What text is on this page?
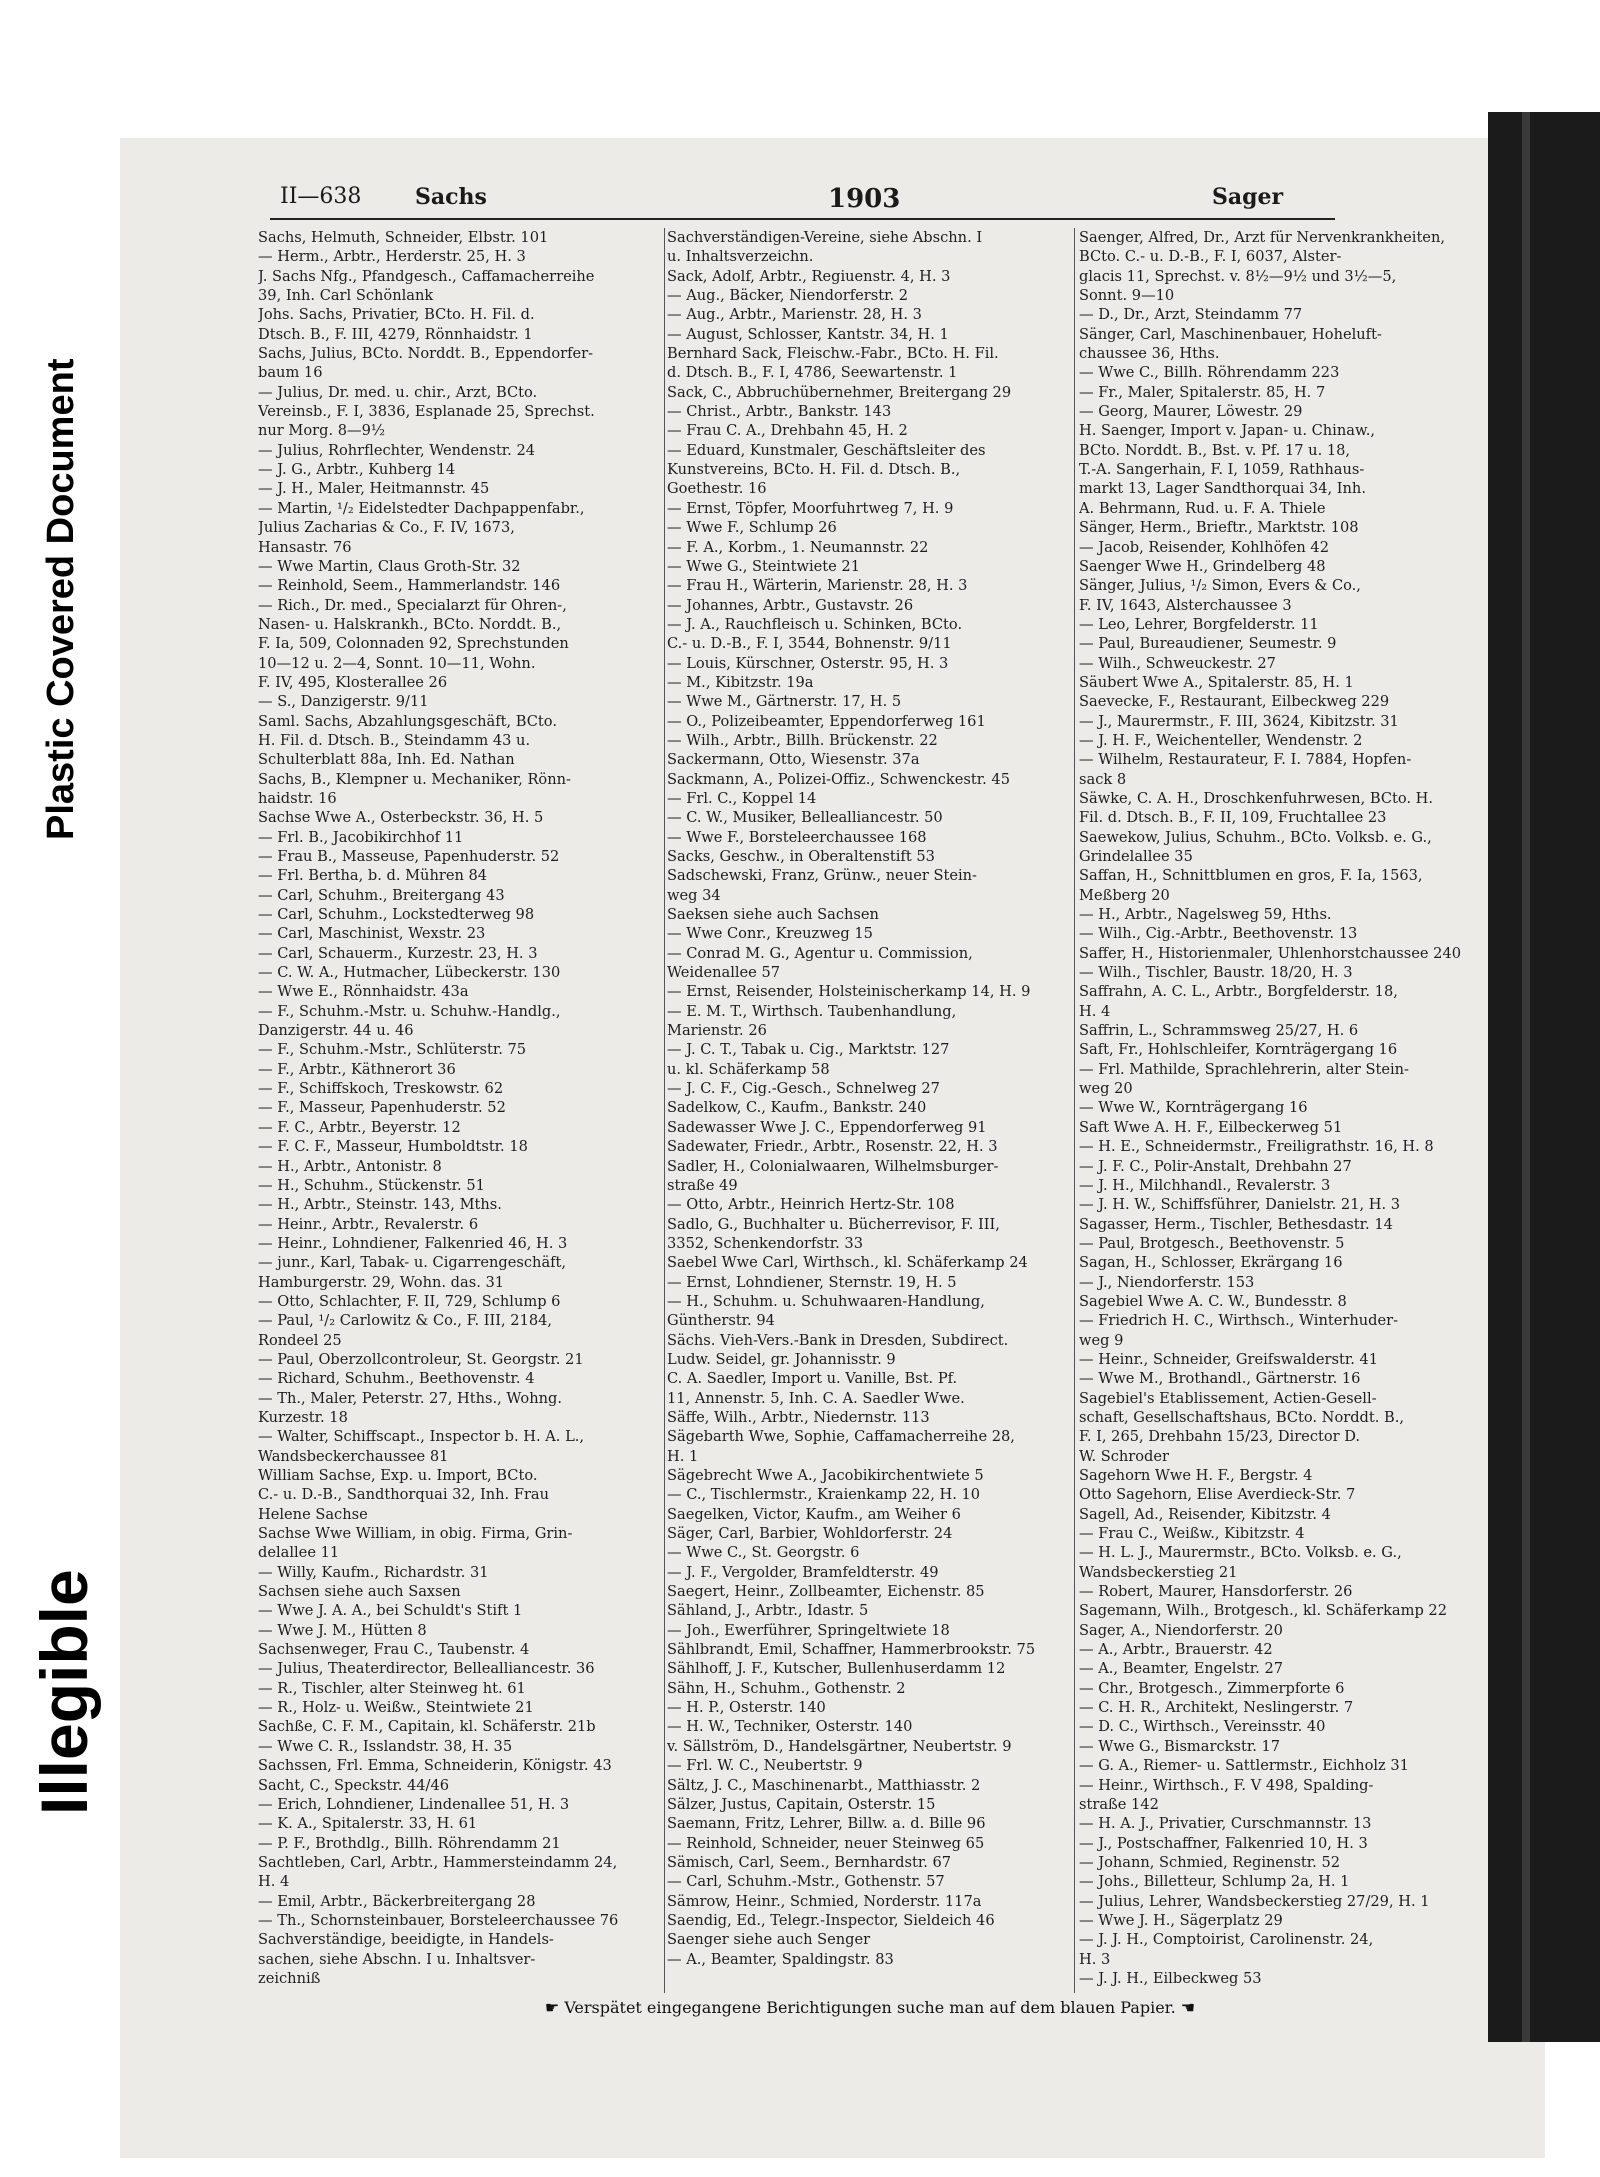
Illegible
Plastic Covered Document
II—638 Sachs	1903	Sager
Sachs, Helmuth, Schneider, Elbstr. 101
— Herm., Arbtr., Herderstr. 25, H. 3
J. Sachs Nfg., Pfandgesch., Caffamacherreihe
39, Inh. Carl Schönlank
Johs. Sachs, Privatier, BCto. H. Fil. d.
Dtsch. B., F. III, 4279, Rönnhaidstr. 1
Sachs, Julius, BCto. Norddt. B., Eppendorfer-
baum 16
— Julius, Dr. med. u. chir., Arzt, BCto.
Vereinsb., F. I, 3836, Esplanade 25, Sprechst.
nur Morg. 8—9½
— Julius, Rohrflechter, Wendenstr. 24
— J. G., Arbtr., Kuhberg 14
— J. H., Maler, Heitmannstr. 45
— Martin, ¹/₂ Eidelstedter Dachpappenfabr.,
Julius Zacharias & Co., F. IV, 1673,
Hansastr. 76
— Wwe Martin, Claus Groth-Str. 32
— Reinhold, Seem., Hammerlandstr. 146
— Rich., Dr. med., Specialarzt für Ohren-,
Nasen- u. Halskrankh., BCto. Norddt. B.,
F. Ia, 509, Colonnaden 92, Sprechstunden
10—12 u. 2—4, Sonnt. 10—11, Wohn.
F. IV, 495, Klosterallee 26
— S., Danzigerstr. 9/11
Saml. Sachs, Abzahlungsgeschäft, BCto.
H. Fil. d. Dtsch. B., Steindamm 43 u.
Schulterblatt 88a, Inh. Ed. Nathan
Sachs, B., Klempner u. Mechaniker, Rönn-
haidstr. 16
Sachse Wwe A., Osterbeckstr. 36, H. 5
— Frl. B., Jacobikirchhof 11
— Frau B., Masseuse, Papenhuderstr. 52
— Frl. Bertha, b. d. Mühren 84
— Carl, Schuhm., Breitergang 43
— Carl, Schuhm., Lockstedterweg 98
— Carl, Maschinist, Wexstr. 23
— Carl, Schauerm., Kurzestr. 23, H. 3
— C. W. A., Hutmacher, Lübeckerstr. 130
— Wwe E., Rönnhaidstr. 43a
— F., Schuhm.-Mstr. u. Schuhw.-Handlg.,
Danzigerstr. 44 u. 46
— F., Schuhm.-Mstr., Schlüterstr. 75
— F., Arbtr., Käthnerort 36
— F., Schiffskoch, Treskowstr. 62
— F., Masseur, Papenhuderstr. 52
— F. C., Arbtr., Beyerstr. 12
— F. C. F., Masseur, Humboldtstr. 18
— H., Arbtr., Antonistr. 8
— H., Schuhm., Stückenstr. 51
— H., Arbtr., Steinstr. 143, Mths.
— Heinr., Arbtr., Revalerstr. 6
— Heinr., Lohndiener, Falkenried 46, H. 3
— junr., Karl, Tabak- u. Cigarrengeschäft,
Hamburgerstr. 29, Wohn. das. 31
— Otto, Schlachter, F. II, 729, Schlump 6
— Paul, ¹/₂ Carlowitz & Co., F. III, 2184,
Rondeel 25
— Paul, Oberzollcontroleur, St. Georgstr. 21
— Richard, Schuhm., Beethovenstr. 4
— Th., Maler, Peterstr. 27, Hths., Wohng.
Kurzestr. 18
— Walter, Schiffscapt., Inspector b. H. A. L.,
Wandsbeckerchaussee 81
William Sachse, Exp. u. Import, BCto.
C.- u. D.-B., Sandthorquai 32, Inh. Frau
Helene Sachse
Sachse Wwe William, in obig. Firma, Grin-
delallee 11
— Willy, Kaufm., Richardstr. 31
Sachsen siehe auch Saxsen
— Wwe J. A. A., bei Schuldt's Stift 1
— Wwe J. M., Hütten 8
Sachsenweger, Frau C., Taubenstr. 4
— Julius, Theaterdirector, Bellealliancestr. 36
— R., Tischler, alter Steinweg ht. 61
— R., Holz- u. Weißw., Steintwiete 21
Sachße, C. F. M., Capitain, kl. Schäferstr. 21b
— Wwe C. R., Isslandstr. 38, H. 35
Sachssen, Frl. Emma, Schneiderin, Königstr. 43
Sacht, C., Speckstr. 44/46
— Erich, Lohndiener, Lindenallee 51, H. 3
— K. A., Spitalerstr. 33, H. 61
— P. F., Brothdlg., Billh. Röhrendamm 21
Sachtleben, Carl, Arbtr., Hammersteindamm 24,
H. 4
— Emil, Arbtr., Bäckerbreitergang 28
— Th., Schornsteinbauer, Borsteleerchaussee 76
Sachverständige, beeidigte, in Handels-
sachen, siehe Abschn. I u. Inhaltsver-
zeichniß
Sachverständigen-Vereine, siehe Abschn. I
u. Inhaltsverzeichn.
Sack, Adolf, Arbtr., Regiuenstr. 4, H. 3
— Aug., Bäcker, Niendorferstr. 2
— Aug., Arbtr., Marienstr. 28, H. 3
— August, Schlosser, Kantstr. 34, H. 1
Bernhard Sack, Fleischw.-Fabr., BCto. H. Fil.
d. Dtsch. B., F. I, 4786, Seewartenstr. 1
Sack, C., Abbruchübernehmer, Breitergang 29
— Christ., Arbtr., Bankstr. 143
— Frau C. A., Drehbahn 45, H. 2
— Eduard, Kunstmaler, Geschäftsleiter des
Kunstvereins, BCto. H. Fil. d. Dtsch. B.,
Goethestr. 16
— Ernst, Töpfer, Moorfuhrtweg 7, H. 9
— Wwe F., Schlump 26
— F. A., Korbm., 1. Neumannstr. 22
— Wwe G., Steintwiete 21
— Frau H., Wärterin, Marienstr. 28, H. 3
— Johannes, Arbtr., Gustavstr. 26
— J. A., Rauchfleisch u. Schinken, BCto.
C.- u. D.-B., F. I, 3544, Bohnenstr. 9/11
— Louis, Kürschner, Osterstr. 95, H. 3
— M., Kibitzstr. 19a
— Wwe M., Gärtnerstr. 17, H. 5
— O., Polizeibeamter, Eppendorferweg 161
— Wilh., Arbtr., Billh. Brückenstr. 22
Sackermann, Otto, Wiesenstr. 37a
Sackmann, A., Polizei-Offiz., Schwenckestr. 45
— Frl. C., Koppel 14
— C. W., Musiker, Bellealliancestr. 50
— Wwe F., Borsteleerchaussee 168
Sacks, Geschw., in Oberaltenstift 53
Sadschewski, Franz, Grünw., neuer Stein-
weg 34
Saeksen siehe auch Sachsen
— Wwe Conr., Kreuzweg 15
— Conrad M. G., Agentur u. Commission,
Weidenallee 57
— Ernst, Reisender, Holsteinischerkamp 14, H. 9
— E. M. T., Wirthsch. Taubenhandlung,
Marienstr. 26
— J. C. T., Tabak u. Cig., Marktstr. 127
u. kl. Schäferkamp 58
— J. C. F., Cig.-Gesch., Schnelweg 27
Sadelkow, C., Kaufm., Bankstr. 240
Sadewasser Wwe J. C., Eppendorferweg 91
Sadewater, Friedr., Arbtr., Rosenstr. 22, H. 3
Sadler, H., Colonialwaaren, Wilhelmsburger-
straße 49
— Otto, Arbtr., Heinrich Hertz-Str. 108
Sadlo, G., Buchhalter u. Bücherrevisor, F. III,
3352, Schenkendorfstr. 33
Saebel Wwe Carl, Wirthsch., kl. Schäferkamp 24
— Ernst, Lohndiener, Sternstr. 19, H. 5
— H., Schuhm. u. Schuhwaaren-Handlung,
Güntherstr. 94
Sächs. Vieh-Vers.-Bank in Dresden, Subdirect.
Ludw. Seidel, gr. Johannisstr. 9
C. A. Saedler, Import u. Vanille, Bst. Pf.
11, Annenstr. 5, Inh. C. A. Saedler Wwe.
Säffe, Wilh., Arbtr., Niedernstr. 113
Sägebarth Wwe, Sophie, Caffamacherreihe 28,
H. 1
Sägebrecht Wwe A., Jacobikirchentwiete 5
— C., Tischlermstr., Kraienkamp 22, H. 10
Saegelken, Victor, Kaufm., am Weiher 6
Säger, Carl, Barbier, Wohldorferstr. 24
— Wwe C., St. Georgstr. 6
— J. F., Vergolder, Bramfeldterstr. 49
Saegert, Heinr., Zollbeamter, Eichenstr. 85
Sähland, J., Arbtr., Idastr. 5
— Joh., Ewerführer, Springeltwiete 18
Sählbrandt, Emil, Schaffner, Hammerbrookstr. 75
Sählhoff, J. F., Kutscher, Bullenhuserdamm 12
Sähn, H., Schuhm., Gothenstr. 2
— H. P., Osterstr. 140
— H. W., Techniker, Osterstr. 140
v. Sällström, D., Handelsgärtner, Neubertstr. 9
— Frl. W. C., Neubertstr. 9
Sältz, J. C., Maschinenarbt., Matthiasstr. 2
Sälzer, Justus, Capitain, Osterstr. 15
Saemann, Fritz, Lehrer, Billw. a. d. Bille 96
— Reinhold, Schneider, neuer Steinweg 65
Sämisch, Carl, Seem., Bernhardstr. 67
— Carl, Schuhm.-Mstr., Gothenstr. 57
Sämrow, Heinr., Schmied, Norderstr. 117a
Saendig, Ed., Telegr.-Inspector, Sieldeich 46
Saenger siehe auch Senger
— A., Beamter, Spaldingstr. 83
Saenger, Alfred, Dr., Arzt für Nervenkrankheiten,
BCto. C.- u. D.-B., F. I, 6037, Alster-
glacis 11, Sprechst. v. 8½—9½ und 3½—5,
Sonnt. 9—10
— D., Dr., Arzt, Steindamm 77
Sänger, Carl, Maschinenbauer, Hoheluft-
chaussee 36, Hths.
— Wwe C., Billh. Röhrendamm 223
— Fr., Maler, Spitalerstr. 85, H. 7
— Georg, Maurer, Löwestr. 29
H. Saenger, Import v. Japan- u. Chinaw.,
BCto. Norddt. B., Bst. v. Pf. 17 u. 18,
T.-A. Sangerhain, F. I, 1059, Rathhaus-
markt 13, Lager Sandthorquai 34, Inh.
A. Behrmann, Rud. u. F. A. Thiele
Sänger, Herm., Brieftr., Marktstr. 108
— Jacob, Reisender, Kohlhöfen 42
Saenger Wwe H., Grindelberg 48
Sänger, Julius, ¹/₂ Simon, Evers & Co.,
F. IV, 1643, Alsterchaussee 3
— Leo, Lehrer, Borgfelderstr. 11
— Paul, Bureaudiener, Seumestr. 9
— Wilh., Schweuckestr. 27
Säubert Wwe A., Spitalerstr. 85, H. 1
Saevecke, F., Restaurant, Eilbeckweg 229
— J., Maurermstr., F. III, 3624, Kibitzstr. 31
— J. H. F., Weichenteller, Wendenstr. 2
— Wilhelm, Restaurateur, F. I. 7884, Hopfen-
sack 8
Säwke, C. A. H., Droschkenfuhrwesen, BCto. H.
Fil. d. Dtsch. B., F. II, 109, Fruchtallee 23
Saewekow, Julius, Schuhm., BCto. Volksb. e. G.,
Grindelallee 35
Saffan, H., Schnittblumen en gros, F. Ia, 1563,
Meßberg 20
— H., Arbtr., Nagelsweg 59, Hths.
— Wilh., Cig.-Arbtr., Beethovenstr. 13
Saffer, H., Historienmaler, Uhlenhorstchaussee 240
— Wilh., Tischler, Baustr. 18/20, H. 3
Saffrahn, A. C. L., Arbtr., Borgfelderstr. 18,
H. 4
Saffrin, L., Schrammsweg 25/27, H. 6
Saft, Fr., Hohlschleifer, Kornträgergang 16
— Frl. Mathilde, Sprachlehrerin, alter Stein-
weg 20
— Wwe W., Kornträgergang 16
Saft Wwe A. H. F., Eilbeckerweg 51
— H. E., Schneidermstr., Freiligrathstr. 16, H. 8
— J. F. C., Polir-Anstalt, Drehbahn 27
— J. H., Milchhandl., Revalerstr. 3
— J. H. W., Schiffsführer, Danielstr. 21, H. 3
Sagasser, Herm., Tischler, Bethesdastr. 14
— Paul, Brotgesch., Beethovenstr. 5
Sagan, H., Schlosser, Ekrärgang 16
— J., Niendorferstr. 153
Sagebiel Wwe A. C. W., Bundesstr. 8
— Friedrich H. C., Wirthsch., Winterhuder-
weg 9
— Heinr., Schneider, Greifswalderstr. 41
— Wwe M., Brothandl., Gärtnerstr. 16
Sagebiel's Etablissement, Actien-Gesell-
schaft, Gesellschaftshaus, BCto. Norddt. B.,
F. I, 265, Drehbahn 15/23, Director D.
W. Schroder
Sagehorn Wwe H. F., Bergstr. 4
Otto Sagehorn, Elise Averdieck-Str. 7
Sagell, Ad., Reisender, Kibitzstr. 4
— Frau C., Weißw., Kibitzstr. 4
— H. L. J., Maurermstr., BCto. Volksb. e. G.,
Wandsbeckerstieg 21
— Robert, Maurer, Hansdorferstr. 26
Sagemann, Wilh., Brotgesch., kl. Schäferkamp 22
Sager, A., Niendorferstr. 20
— A., Arbtr., Brauerstr. 42
— A., Beamter, Engelstr. 27
— Chr., Brotgesch., Zimmerpforte 6
— C. H. R., Architekt, Neslingerstr. 7
— D. C., Wirthsch., Vereinsstr. 40
— Wwe G., Bismarckstr. 17
— G. A., Riemer- u. Sattlermstr., Eichholz 31
— Heinr., Wirthsch., F. V 498, Spalding-
straße 142
— H. A. J., Privatier, Curschmannstr. 13
— J., Postschaffner, Falkenried 10, H. 3
— Johann, Schmied, Reginenstr. 52
— Johs., Billetteur, Schlump 2a, H. 1
— Julius, Lehrer, Wandsbeckerstieg 27/29, H. 1
— Wwe J. H., Sägerplatz 29
— J. J. H., Comptoirist, Carolinenstr. 24,
H. 3
— J. J. H., Eilbeckweg 53
☛ Verspätet eingegangene Berichtigungen suche man auf dem blauen Papier. ☚
